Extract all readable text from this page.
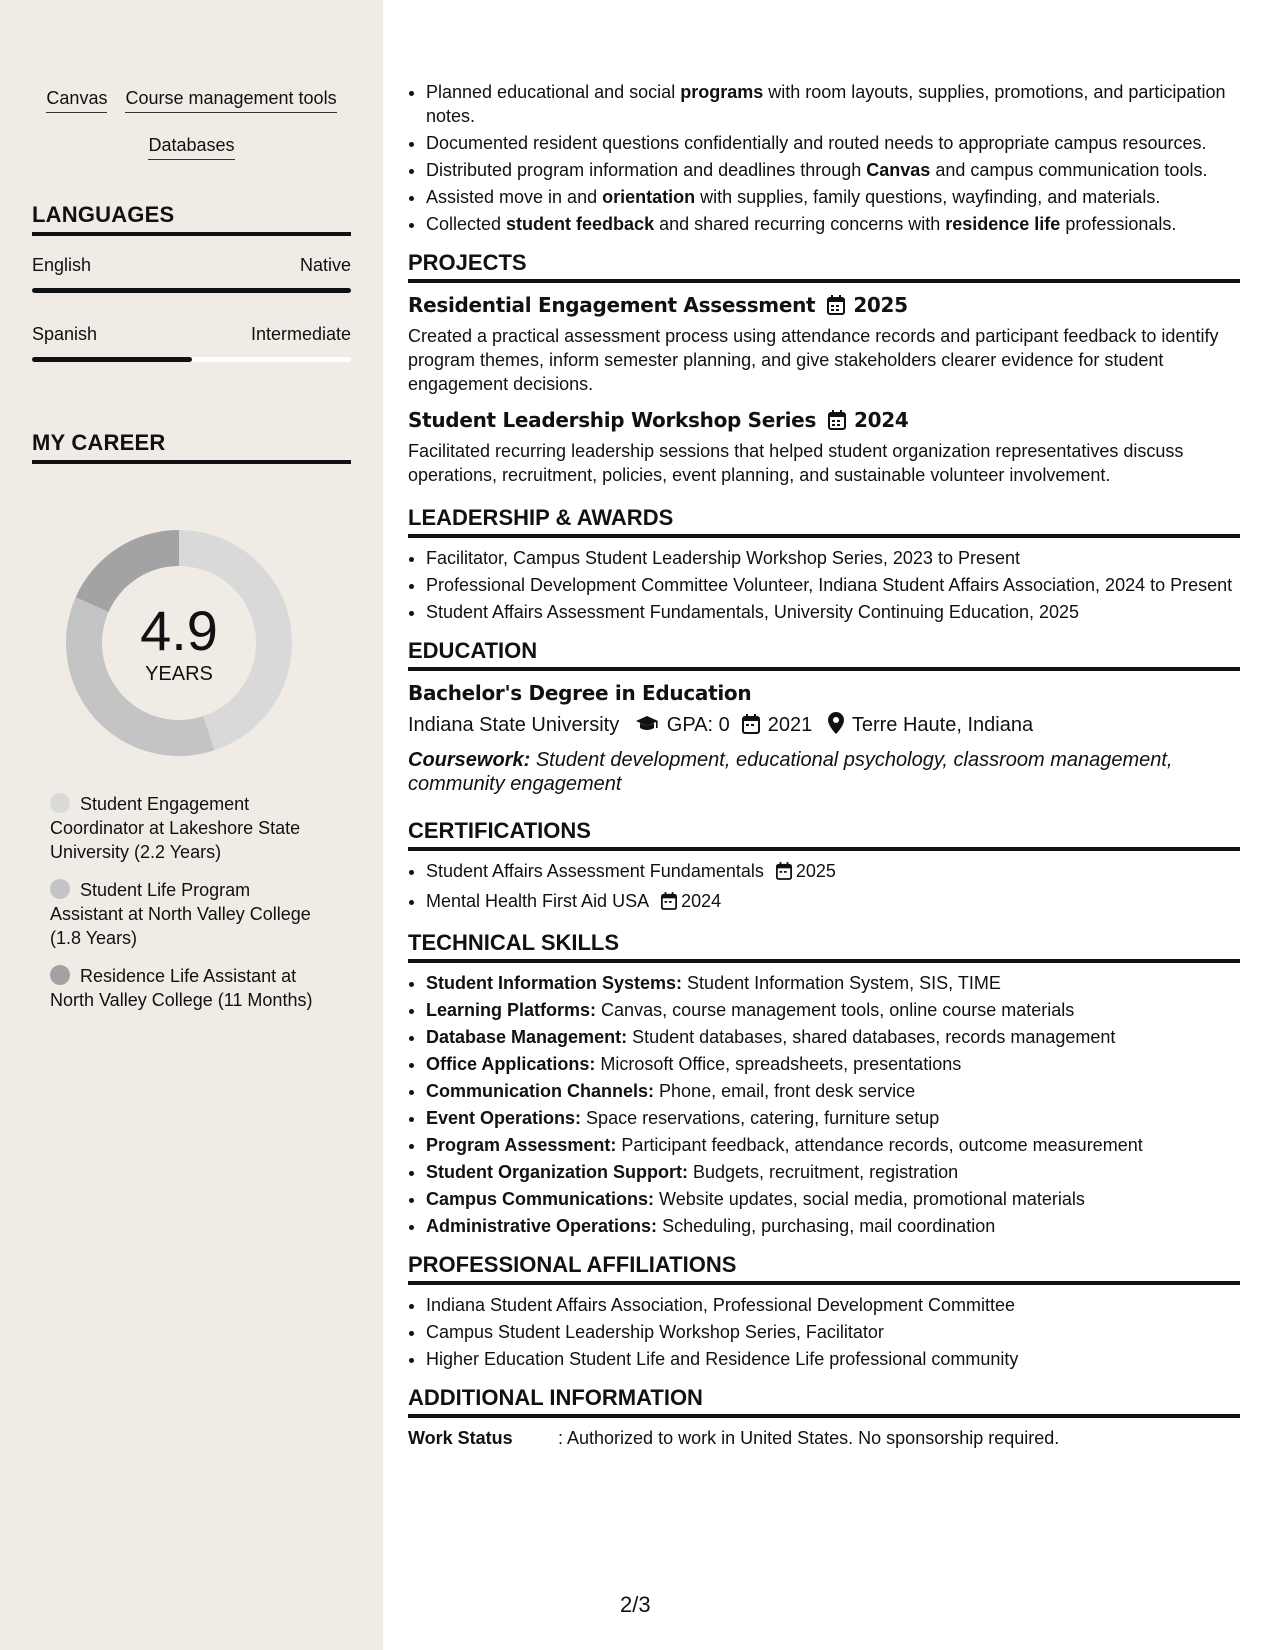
Canvas Course management tools
Databases
LANGUAGES
English	Native
Spanish	Intermediate
MY CAREER
4.9
YEARS
Student Engagement Coordinator at Lakeshore State University (2.2 Years)
Student Life Program Assistant at North Valley College (1.8 Years)
Residence Life Assistant at North Valley College (11 Months)
• Planned educational and social programs with room layouts, supplies, promotions, and participation notes.
• Documented resident questions confidentially and routed needs to appropriate campus resources.
• Distributed program information and deadlines through Canvas and campus communication tools.
• Assisted move in and orientation with supplies, family questions, wayfinding, and materials.
• Collected student feedback and shared recurring concerns with residence life professionals.
PROJECTS
Residential Engagement Assessment 2025

Created a practical assessment process using attendance records and participant feedback to identify program themes, inform semester planning, and give stakeholders clearer evidence for student engagement decisions.

Student Leadership Workshop Series 2024

Facilitated recurring leadership sessions that helped student organization representatives discuss operations, recruitment, policies, event planning, and sustainable volunteer involvement.

LEADERSHIP & AWARDS
• Facilitator, Campus Student Leadership Workshop Series, 2023 to Present
• Professional Development Committee Volunteer, Indiana Student Affairs Association, 2024 to Present
• Student Affairs Assessment Fundamentals, University Continuing Education, 2025
EDUCATION
Bachelor's Degree in Education
Indiana State University GPA: 0 2021 Terre Haute, Indiana
Coursework: Student development, educational psychology, classroom management, community engagement
CERTIFICATIONS
• Student Affairs Assessment Fundamentals 2025
• Mental Health First Aid USA 2024
TECHNICAL SKILLS
• Student Information Systems: Student Information System, SIS, TIME
• Learning Platforms: Canvas, course management tools, online course materials
• Database Management: Student databases, shared databases, records management
• Office Applications: Microsoft Office, spreadsheets, presentations
• Communication Channels: Phone, email, front desk service
• Event Operations: Space reservations, catering, furniture setup
• Program Assessment: Participant feedback, attendance records, outcome measurement
• Student Organization Support: Budgets, recruitment, registration
• Campus Communications: Website updates, social media, promotional materials
• Administrative Operations: Scheduling, purchasing, mail coordination
PROFESSIONAL AFFILIATIONS
• Indiana Student Affairs Association, Professional Development Committee
• Campus Student Leadership Workshop Series, Facilitator
• Higher Education Student Life and Residence Life professional community
ADDITIONAL INFORMATION
Work Status	: Authorized to work in United States. No sponsorship required.
2/3
